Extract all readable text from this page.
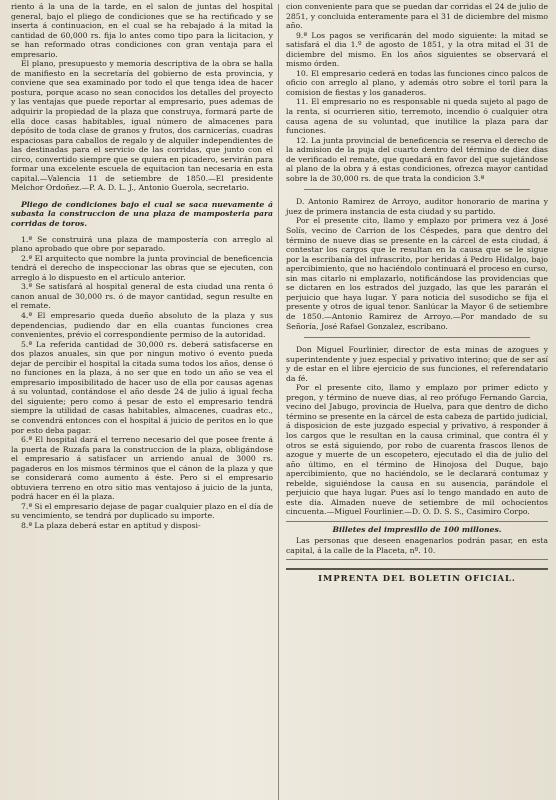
riento á la una de la tarde, en el salon de juntas del hospital general, bajo el pliego de condiciones que se ha rectificado y se inserta á continuacion, en el cual se ha rebajado á la mitad la cantidad de 60,000 rs. fija lo antes como tipo para la licitacion, y se han reformado otras condiciones con gran ventaja para el empresario.

El plano, presupuesto y memoria descriptiva de la obra se halla de manifiesto en la secretaría del gobierno de esta provincia, y conviene que sea examinado por todo el que tenga idea de hacer postura, porque acaso no sean conocidos los detalles del proyecto y las ventajas que puede reportar al empresario, pues ademas de adquirir la propiedad de la plaza que construya, formará parte de ella doce casas habitables, igual número de almacenes para depósito de toda clase de granos y frutos, dos carnicerías, cuadras espaciosas para caballos de regalo y de alquiler independientes de las destinadas para el servicio de las corridas, que junto con el circo, convertido siempre que se quiera en picadero, servirán para formar una excelente escuela de equitacion tan necesaria en esta capital.—Valencia 11 de setiembre de 1850.—El presidente Melchor Ordoñez.—P. A. D. L. J., Antonio Guerola, secretario.

Pliego de condiciones bajo el cual se saca nuevamente á subasta la construccion de una plaza de mamposteria para corridas de toros.

1.ª Se construirá una plaza de mampostería con arreglo al plano aprobado que obre por separado.

2.ª El arquitecto que nombre la junta provincial de beneficencia tendrá el derecho de inspeccionar las obras que se ejecuten, con arreglo á lo dispuesto en el artículo anterior.

3.ª Se satisfará al hospital general de esta ciudad una renta ó canon anual de 30,000 rs. ó de mayor cantidad, segun resulte en el remate.

4.ª El empresario queda dueño absoluto de la plaza y sus dependencias, pudiendo dar en ella cuantas funciones crea convenientes, prévio el correspondiente permiso de la autoridad.

5.ª La referida cantidad de 30,000 rs. deberá satisfacerse en dos plazos anuales, sin que por ningun motivo ó evento pueda dejar de percibir el hospital la citada suma todos los años, dense ó no funciones en la plaza, á no ser que en todo un año se vea el empresario imposibilitado de hacer uso de ella por causas agenas á su voluntad, contándose el año desde 24 de julio á igual fecha del siguiente; pero como á pesar de esto el empresario tendrá siempre la utilidad de casas habitables, almacenes, cuadras etc., se convendrá entonces con el hospital á juicio de peritos en lo que por esto deba pagar.

6.ª El hospital dará el terreno necesario del que posee frente á la puerta de Ruzafa para la construccion de la plaza, obligándose el empresario á satisfacer un arriendo anual de 3000 rs. pagaderos en los mismos términos que el cánon de la plaza y que se considerará como aumento á éste. Pero si el empresario obtuviera terreno en otro sitio mas ventajoso á juicio de la junta, podrá hacer en él la plaza.

7.ª Si el empresario dejase de pagar cualquier plazo en el día de su vencimiento, se tendrá por duplicado su importe.

8.ª La plaza deberá estar en aptitud y disposi-

cion conveniente para que se puedan dar corridas el 24 de julio de 2851, y concluida enteramente para el 31 de diciembre del mismo año.

9.ª Los pagos se verificarán del modo siguiente: la mitad se satisfará el dia 1.º de agosto de 1851, y la otra mitad el 31 de diciembre del mismo. En los años siguientes se observará el mismo órden.

10. El empresario cederá en todas las funciones cinco palcos de oficio con arreglo al plano, y además otro sobre el toril para la comision de fiestas y los ganaderos.

11. El empresario no es responsable ni queda sujeto al pago de la renta, si ocurrieren sitio, terremoto, incendio ó cualquier otra causa agena de su voluntad, que inutilice la plaza para dar funciones.

12. La junta provincial de beneficencia se reserva el derecho de la admision de la puja del cuarto dentro del término de diez dias de verificado el remate, que quedará en favor del que sujetándose al plano de la obra y á estas condiciones, ofrezca mayor cantidad sobre la de 30,000 rs. de que trata la condicion 3.ª

D. Antonio Ramirez de Arroyo, auditor honorario de marina y juez de primera instancia de esta ciudad y su partido.

Por el presente cito, llamo y emplazo por primera vez á José Solís, vecino de Carrion de los Céspedes, para que dentro del término de nueve dias se presente en la cárcel de esta ciudad, á contestar los cargos que le resultan en la causa que se le sigue por la escribanía del infrascrito, por heridas á Pedro Hidalgo, bajo apercibimiento, que no haciéndolo continuará el proceso en curso, sin mas citarlo ni emplazarlo, notificándose las providencias que se dictaren en los estrados del juzgado, las que les pararán el perjuicio que haya lugar. Y para noticia del susodicho se fija el presente y otros de igual tenor. Sanlúcar la Mayor 6 de setiembre de 1850.—Antonio Ramirez de Arroyo.—Por mandado de su Señoría, José Rafael Gonzalez, escribano.

Don Miguel Fourlinier, director de esta minas de azogues y superintendente y juez especial y privativo interino; que de ser así y de estar en el libre ejercicio de sus funciones, el referendatario da fé.

Por el presente cito, llamo y emplazo por primer edicto y pregon, y término de nueve dias, al reo prófugo Fernando Garcia, vecino del Jabugo, provincia de Huelva, para que dentro de dicho término se presente en la cárcel de esta cabeza de partido judicial, á disposicion de este juzgado especial y privativo, á responder á los cargos que le resultan en la causa criminal, que contra él y otros se está siguiendo, por robo de cuarenta frascos llenos de azogue y muerte de un escopetero, ejecutado el dia de julio del año último, en el término de Hinojosa del Duque, bajo apercibimiento, que no haciéndolo, se le declarará contumaz y rebelde, siguiéndose la causa en su ausencia, parándole el perjuicio que haya lugar. Pues así lo tengo mandado en auto de este dia. Almaden nueve de setiembre de mil ochocientos cincuenta.—Miguel Fourlinier.—D. O. D. S. S., Casimiro Corpo.

Billetes del impresillo de 100 millones.

Las personas que deseen enagenarlos podrán pasar, en esta capital, á la calle de la Placeta, nº. 10.

IMPRENTA DEL BOLETIN OFICIAL.
